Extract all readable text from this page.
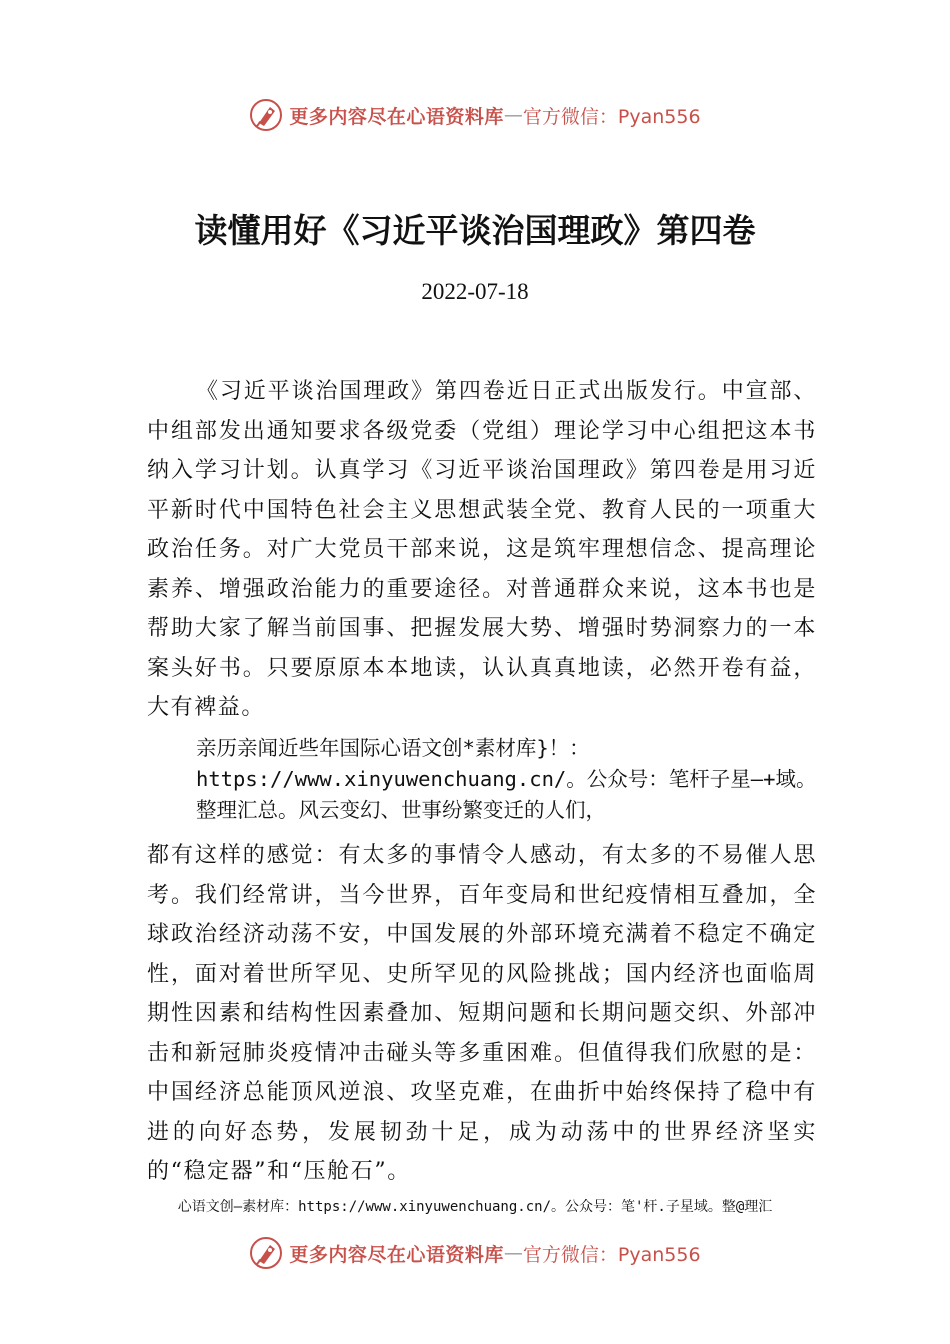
更多内容尽在心语资料库 — 官方微信：Pyan556
读懂用好《习近平谈治国理政》第四卷
2022-07-18

《习近平谈治国理政》第四卷近日正式出版发行。中宣部、中组部发出通知要求各级党委（党组）理论学习中心组把这本书纳入学习计划。认真学习《习近平谈治国理政》第四卷是用习近平新时代中国特色社会主义思想武装全党、教育人民的一项重大政治任务。对广大党员干部来说，这是筑牢理想信念、提高理论素养、增强政治能力的重要途径。对普通群众来说，这本书也是帮助大家了解当前国事、把握发展大势、增强时势洞察力的一本案头好书。只要原原本本地读，认认真真地读，必然开卷有益，大有裨益。

亲历亲闻近些年国际心语文创*素材库}！：https://www.xinyuwenchuang.cn/。公众号：笔杆子星—+域。整理汇总。风云变幻、世事纷繁变迁的人们，

都有这样的感觉：有太多的事情令人感动，有太多的不易催人思考。我们经常讲，当今世界，百年变局和世纪疫情相互叠加，全球政治经济动荡不安，中国发展的外部环境充满着不稳定不确定性，面对着世所罕见、史所罕见的风险挑战；国内经济也面临周期性因素和结构性因素叠加、短期问题和长期问题交织、外部冲击和新冠肺炎疫情冲击碰头等多重困难。但值得我们欣慰的是：中国经济总能顶风逆浪、攻坚克难，在曲折中始终保持了稳中有进的向好态势，发展韧劲十足，成为动荡中的世界经济坚实的“稳定器”和“压舱石”。

心语文创—素材库：https://www.xinyuwenchuang.cn/。公众号：笔'杆.子星域。整@理汇
更多内容尽在心语资料库 — 官方微信：Pyan556
